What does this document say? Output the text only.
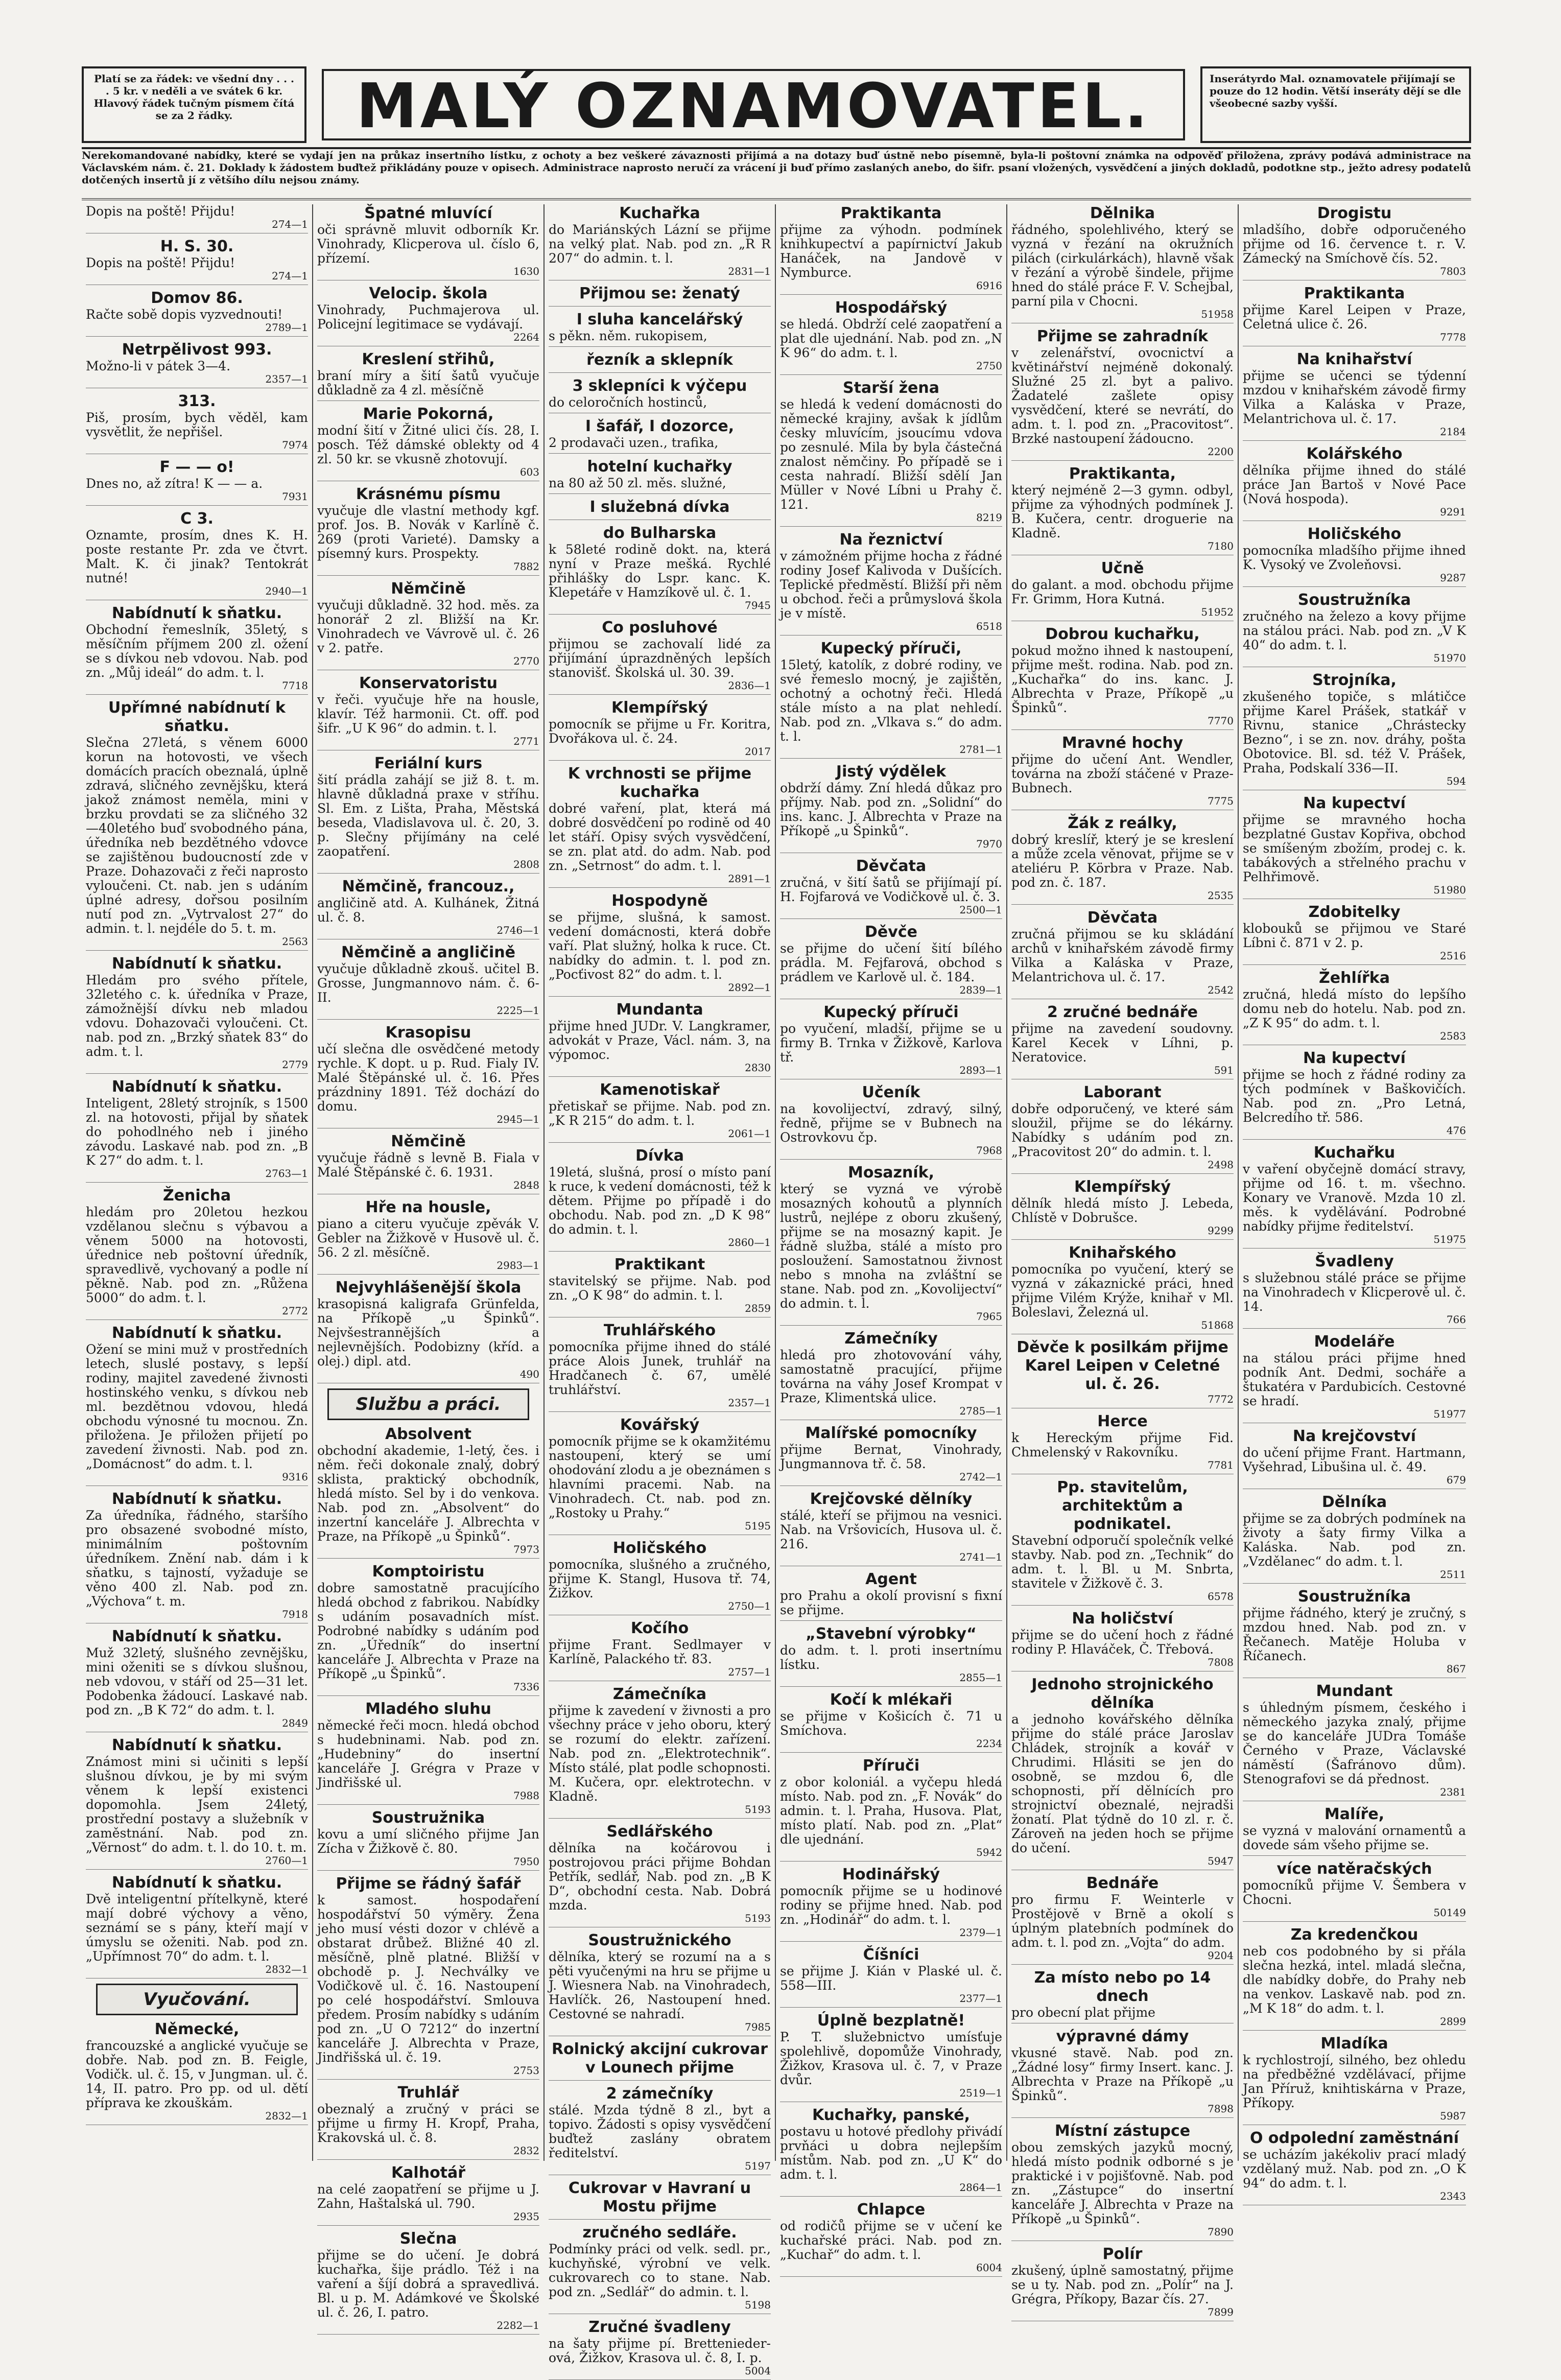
Platí se za řádek: ve všední dny . . . . 5 kr. v neděli a ve svátek 6 kr. Hlavový řádek tučným písmem čítá se za 2 řádky.	MALÝ OZNAMOVATEL.	Inserátyrdo Mal. oznamovatele přijímají se pouze do 12 hodin. Větší inseráty dějí se dle všeobecné sazby vyšší.
Nerekomandované nabídky, které se vydají jen na průkaz insertního lístku, z ochoty a bez veškeré závaznosti přijímá a na dotazy buď ústně nebo písemně, byla-li poštovní známka na odpověď přiložena, zprávy podává administrace na Václavském nám. č. 21. Doklady k žádostem buďtež přikládány pouze v opisech. Administrace naprosto neručí za vrácení ji buď přímo zaslaných anebo, do šifr. psaní vložených, vysvědčení a jiných dokladů, podotkne stp., ježto adresy podatelů dotčených insertů jí z většího dílu nejsou známy.
Dopis na poště! Přijdu!
274—1
H. S. 30.
Dopis na poště! Přijdu!
274—1
Domov 86.
Račte sobě dopis vyzvednouti!
2789—1
Netrpělivost 993.
Možno-li v pátek 3—4.
2357—1
313.
Piš, prosím, bych věděl, kam vysvětlit, že nepřišel.
7974
F — — o!
Dnes no, až zítra! K — — a.
7931
C 3.
Oznamte, prosím, dnes K. H. poste restante Pr. zda ve čtvrt. Malt. K. či jinak? Tentokrát nutné!
2940—1
Nabídnutí k sňatku.
Obchodní řemeslník, 35letý, s měsíčním příjmem 200 zl. ožení se s dívkou neb vdovou. Nab. pod zn. „Můj ideál“ do adm. t. l.
7718
Upřímné nabídnutí k sňatku.
Slečna 27letá, s věnem 6000 korun na hotovosti, ve všech domácích pracích obeznalá, úplně zdravá, sličného zevnějšku, která jakož známost neměla, mini v brzku provdati se za sličného 32—40letého buď svobodného pána, úředníka neb bezdětného vdovce se zajištěnou budoucností zde v Praze. Dohazovači z řeči naprosto vyloučeni. Ct. nab. jen s udáním úplné adresy, dořsou posilním nutí pod zn. „Vytrvalost 27“ do admin. t. l. nejdéle do 5. t. m.
2563
Nabídnutí k sňatku.
Hledám pro svého přítele, 32letého c. k. úředníka v Praze, zámožnější dívku neb mladou vdovu. Dohazovači vyloučeni. Ct. nab. pod zn. „Brzký sňatek 83“ do adm. t. l.
2779
Nabídnutí k sňatku.
Inteligent, 28letý strojník, s 1500 zl. na hotovosti, přijal by sňatek do pohodlného neb i jiného závodu. Laskavé nab. pod zn. „B K 27“ do adm. t. l.
2763—1
Ženicha
hledám pro 20letou hezkou vzdělanou slečnu s výbavou a věnem 5000 na hotovosti, úřednice neb poštovní úředník, spravedlivě, vychovaný a podle ní pěkně. Nab. pod zn. „Růžena 5000“ do adm. t. l.
2772
Nabídnutí k sňatku.
Ožení se mini muž v prostředních letech, sluslé postavy, s lepší rodiny, majitel zavedené živnosti hostinského venku, s dívkou neb ml. bezdětnou vdovou, hledá obchodu výnosné tu mocnou. Zn. přiložena. Je přiložen přijetí po zavedení živnosti. Nab. pod zn. „Domácnost“ do adm. t. l.
9316
Nabídnutí k sňatku.
Za úředníka, řádného, staršího pro obsazené svobodné místo, minimálním poštovním úředníkem. Znění nab. dám i k sňatku, s tajností, vyžaduje se věno 400 zl. Nab. pod zn. „Výchova“ t. m.
7918
Nabídnutí k sňatku.
Muž 32letý, slušného zevnějšku, mini oženiti se s dívkou slušnou, neb vdovou, v stáří od 25—31 let. Podobenka žádoucí. Laskavé nab. pod zn. „B K 72“ do adm. t. l.
2849
Nabídnutí k sňatku.
Známost mini si učiniti s lepší slušnou dívkou, je by mi svým věnem k lepší existenci dopomohla. Jsem 24letý, prostřední postavy a služebník v zaměstnání. Nab. pod zn. „Věrnost“ do adm. t. l. do 10. t. m.
2760—1
Nabídnutí k sňatku.
Dvě inteligentní přítelkyně, které mají dobré výchovy a věno, seznámí se s pány, kteří mají v úmyslu se oženiti. Nab. pod zn. „Upřímnost 70“ do adm. t. l.
2832—1
Vyučování.
Německé,
francouzské a anglické vyučuje se dobře. Nab. pod zn. B. Feigle, Vodičk. ul. č. 15, v Jungman. ul. č. 14, II. patro. Pro pp. od ul. dětí příprava ke zkouškám.
2832—1
Špatné mluvící
oči správně mluvit odborník Kr. Vinohrady, Klicperova ul. číslo 6, přízemí.
1630
Velocip. škola
Vinohrady, Puchmajerova ul. Policejní legitimace se vydávají.
2264
Kreslení střihů,
braní míry a šití šatů vyučuje důkladně za 4 zl. měsíčně
Marie Pokorná,
modní šití v Žitné ulici čís. 28, I. posch. Též dámské oblekty od 4 zl. 50 kr. se vkusně zhotovují.
603
Krásnému písmu
vyučuje dle vlastní methody kgf. prof. Jos. B. Novák v Karlíně č. 269 (proti Varieté). Damsky a písemný kurs. Prospekty.
7882
Němčině
vyučuji důkladně. 32 hod. měs. za honorář 2 zl. Bližší na Kr. Vinohradech ve Vávrově ul. č. 26 v 2. patře.
2770
Konservatoristu
v řeči. vyučuje hře na housle, klavír. Též harmonii. Ct. off. pod šifr. „U K 96“ do admin. t. l.
2771
Feriální kurs
šití prádla zahájí se již 8. t. m. hlavně důkladná praxe v stříhu. Sl. Em. z Lišta, Praha, Městská beseda, Vladislavova ul. č. 20, 3. p. Slečny přijímány na celé zaopatření.
2808
Němčině, francouz.,
angličině atd. A. Kulhánek, Žitná ul. č. 8.
2746—1
Němčině a angličině
vyučuje důkladně zkouš. učitel B. Grosse, Jungmannovo nám. č. 6-II.
2225—1
Krasopisu
učí slečna dle osvědčené metody rychle. K dopt. u p. Rud. Fialy IV. Malé Štěpánské ul. č. 16. Přes prázdniny 1891. Též dochází do domu.
2945—1
Němčině
vyučuje řádně s levně B. Fiala v Malé Štěpánské č. 6. 1931.
2848
Hře na housle,
piano a citeru vyučuje zpěvák V. Gebler na Žižkově v Husově ul. č. 56. 2 zl. měsíčně.
2983—1
Nejvyhlášenější škola
krasopisná kaligrafa Grünfelda, na Příkopě „u Špinků“. Nejvšestrannějších a nejlevnějších. Podobizny (kříd. a olej.) dipl. atd.
490
Službu a práci.
Absolvent
obchodní akademie, 1-letý, čes. i něm. řeči dokonale znalý, dobrý sklista, praktický obchodník, hledá místo. Sel by i do venkova. Nab. pod zn. „Absolvent“ do inzertní kanceláře J. Albrechta v Praze, na Příkopě „u Špinků“.
7973
Komptoiristu
dobre samostatně pracujícího hledá obchod z fabrikou. Nabídky s udáním posavadních míst. Podrobné nabídky s udáním pod zn. „Úředník“ do insertní kanceláře J. Albrechta v Praze na Příkopě „u Špinků“.
7336
Mladého sluhu
německé řeči mocn. hledá obchod s hudebninami. Nab. pod zn. „Hudebniny“ do insertní kanceláře J. Grégra v Praze v Jindřišské ul.
7988
Soustružnika
kovu a umí sličného přijme Jan Zícha v Žižkově č. 80.
7950
Přijme se řádný šafář
k samost. hospodaření hospodářství 50 výměry. Žena jeho musí vésti dozor v chlévě a obstarat drůbež. Bližné 40 zl. měsíčně, plně platné. Bližší v obchodě p. J. Nechválky ve Vodičkově ul. č. 16. Nastoupení po celé hospodářství. Smlouva předem. Prosím nabídky s udáním pod zn. „U O 7212“ do inzertní kanceláře J. Albrechta v Praze, Jindřišská ul. č. 19.
2753
Truhlář
obeznalý a zručný v práci se přijme u firmy H. Kropf, Praha, Krakovská ul. č. 8.
2832
Kalhotář
na celé zaopatření se přijme u J. Zahn, Haštalská ul. 790.
2935
Slečna
přijme se do učení. Je dobrá kuchařka, šije prádlo. Též i na vaření a šíjí dobrá a spravedlivá. Bl. u p. M. Adámkové ve Školské ul. č. 26, I. patro.
2282—1
Kuchařka
do Mariánských Lázní se přijme na velký plat. Nab. pod zn. „R R 207“ do admin. t. l.
2831—1
Přijmou se: ženatý
I sluha kancelářský
s pěkn. něm. rukopisem,
řezník a sklepník
3 sklepníci k výčepu
do celoročních hostinců,
I šafář, I dozorce,
2 prodavači uzen., trafika,
hotelní kuchařky
na 80 až 50 zl. měs. služné,
I služebná dívka
do Bulharska
k 58leté rodině dokt. na, která nyní v Praze mešká. Rychlé přihlášky do Lspr. kanc. K. Klepetáře v Hamzíkově ul. č. 1.
7945
Co posluhové
přijmou se zachovalí lidé za přijímání úprazdněných lepších stanovišť. Školská ul. 30. 39.
2836—1
Klempířský
pomocník se přijme u Fr. Koritra, Dvořákova ul. č. 24.
2017
K vrchnosti se přijme kuchařka
dobré vaření, plat, která má dobré dosvědčení po rodině od 40 let stáří. Opisy svých vysvědčení, se zn. plat atd. do adm. Nab. pod zn. „Setrnost“ do adm. t. l.
2891—1
Hospodyně
se přijme, slušná, k samost. vedení domácnosti, která dobře vaří. Plat služný, holka k ruce. Ct. nabídky do admin. t. l. pod zn. „Pocťivost 82“ do adm. t. l.
2892—1
Mundanta
přijme hned JUDr. V. Langkramer, advokát v Praze, Václ. nám. 3, na výpomoc.
2830
Kamenotiskař
přetiskař se přijme. Nab. pod zn. „K R 215“ do adm. t. l.
2061—1
Dívka
19letá, slušná, prosí o místo paní k ruce, k vedení domácnosti, též k dětem. Přijme po případě i do obchodu. Nab. pod zn. „D K 98“ do admin. t. l.
2860—1
Praktikant
stavitelský se přijme. Nab. pod zn. „O K 98“ do admin. t. l.
2859
Truhlářského
pomocníka přijme ihned do stálé práce Alois Junek, truhlář na Hradčanech č. 67, umělé truhlářství.
2357—1
Kovářský
pomocník přijme se k okamžitému nastoupení, který se umí ohodování zlodu a je obeznámen s hlavními pracemi. Nab. na Vinohradech. Ct. nab. pod zn. „Rostoky u Prahy.“
5195
Holičského
pomocníka, slušného a zručného, přijme K. Stangl, Husova tř. 74, Žižkov.
2750—1
Kočího
přijme Frant. Sedlmayer v Karlíně, Palackého tř. 83.
2757—1
Zámečníka
přijme k zavedení v živnosti a pro všechny práce v jeho oboru, který se rozumí do elektr. zařízení. Nab. pod zn. „Elektrotechnik“. Místo stálé, plat podle schopnosti. M. Kučera, opr. elektrotechn. v Kladně.
5193
Sedlářského
dělníka na kočárovou i postrojovou práci přijme Bohdan Petřík, sedlář, Nab. pod zn. „B K D“, obchodní cesta. Nab. Dobrá mzda.
5193
Soustružnického
dělníka, který se rozumí na a s pěti vyučenými na hru se přijme u J. Wiesnera Nab. na Vinohradech, Havlíčk. 26, Nastoupení hned. Cestovné se nahradí.
7985
Rolnický akcijní cukrovar v Lounech přijme
2 zámečníky
stálé. Mzda týdně 8 zl., byt a topivo. Žádosti s opisy vysvědčení buďtež zaslány obratem ředitelství.
5197
Cukrovar v Havraní u Mostu přijme
zručného sedláře.
Podmínky práci od velk. sedl. pr., kuchyňské, výrobní ve velk. cukrovarech co to stane. Nab. pod zn. „Sedlář“ do admin. t. l.
5198
Zručné švadleny
na šaty přijme pí. Brettenieder-ová, Žižkov, Krasova ul. č. 8, I. p.
5004
Praktikanta
přijme za výhodn. podmínek knihkupectví a papírnictví Jakub Hanáček, na Jandově v Nymburce.
6916
Hospodářský
se hledá. Obdrží celé zaopatření a plat dle ujednání. Nab. pod zn. „N K 96“ do adm. t. l.
2750
Starší žena
se hledá k vedení domácnosti do německé krajiny, avšak k jídlům česky mluvícím, jsoucímu vdova po zesnulé. Mila by byla částečná znalost němčiny. Po případě se i cesta nahradí. Bližší sdělí Jan Müller v Nové Líbni u Prahy č. 121.
8219
Na řeznictví
v zámožném přijme hocha z řádné rodiny Josef Kalivoda v Dušících. Teplické předměstí. Bližší při něm u obchod. řeči a průmyslová škola je v místě.
6518
Kupecký příruči,
15letý, katolík, z dobré rodiny, ve své řemeslo mocný, je zajištěn, ochotný a ochotný řeči. Hledá stále místo a na plat nehledí. Nab. pod zn. „Vlkava s.“ do adm. t. l.
2781—1
Jistý výdělek
obdrží dámy. Zní hledá důkaz pro příjmy. Nab. pod zn. „Solidní“ do ins. kanc. J. Albrechta v Praze na Příkopě „u Špinků“.
7970
Děvčata
zručná, v šití šatů se přijímají pí. H. Fojfarová ve Vodičkově ul. č. 3.
2500—1
Děvče
se přijme do učení šití bílého prádla. M. Fejfarová, obchod s prádlem ve Karlově ul. č. 184.
2839—1
Kupecký příruči
po vyučení, mladší, přijme se u firmy B. Trnka v Žižkově, Karlova tř.
2893—1
Učeník
na kovolijectví, zdravý, silný, ředně, přijme se v Bubnech na Ostrovkovu čp.
7968
Mosazník,
který se vyzná ve výrobě mosazných kohoutů a plynních lustrů, nejlépe z oboru zkušený, přijme se na mosazný kapit. Je řádně služba, stálé a místo pro posloužení. Samostatnou živnost nebo s mnoha na zvláštní se stane. Nab. pod zn. „Kovolijectví“ do admin. t. l.
7965
Zámečníky
hledá pro zhotovování váhy, samostatně pracující, přijme továrna na váhy Josef Krompat v Praze, Klimentská ulice.
2785—1
Malířské pomocníky
přijme Bernat, Vinohrady, Jungmannova tř. č. 58.
2742—1
Krejčovské dělníky
stálé, kteří se přijmou na vesnici. Nab. na Vršovicích, Husova ul. č. 216.
2741—1
Agent
pro Prahu a okolí provisní s fixní se přijme.
„Stavební výrobky“
do adm. t. l. proti insertnímu lístku.
2855—1
Kočí k mlékaři
se přijme v Košicích č. 71 u Smíchova.
2234
Příruči
z obor koloniál. a vyčepu hledá místo. Nab. pod zn. „F. Novák“ do admin. t. l. Praha, Husova. Plat, místo platí. Nab. pod zn. „Plat“ dle ujednání.
5942
Hodinářský
pomocník přijme se u hodinové rodiny se přijme hned. Nab. pod zn. „Hodinář“ do adm. t. l.
2379—1
Číšníci
se přijme J. Kián v Plaské ul. č. 558—III.
2377—1
Úplně bezplatně!
P. T. služebnictvo umísťuje spolehlivě, dopomůže Vinohrady, Žižkov, Krasova ul. č. 7, v Praze dvůr.
2519—1
Kuchařky, panské,
postavu u hotové předlohy přivádí prvňáci u dobra nejlepším místům. Nab. pod zn. „U K“ do adm. t. l.
2864—1
Chlapce
od rodičů přijme se v učení ke kuchařské práci. Nab. pod zn. „Kuchař“ do adm. t. l.
6004
Dělnika
řádného, spolehlivého, který se vyzná v řezání na okružních pilách (cirkulárkách), hlavně však v řezání a výrobě šindele, přijme hned do stálé práce F. V. Schejbal, parní pila v Chocni.
51958
Přijme se zahradník
v zelenářství, ovocnictví a květinářství nejméně dokonalý. Služné 25 zl. byt a palivo. Žadatelé zašlete opisy vysvědčení, které se nevrátí, do adm. t. l. pod zn. „Pracovitost“. Brzké nastoupení žádoucno.
2200
Praktikanta,
který nejméně 2—3 gymn. odbyl, přijme za výhodných podmínek J. B. Kučera, centr. droguerie na Kladně.
7180
Učně
do galant. a mod. obchodu přijme Fr. Grimm, Hora Kutná.
51952
Dobrou kuchařku,
pokud možno ihned k nastoupení, přijme mešt. rodina. Nab. pod zn. „Kuchařka“ do ins. kanc. J. Albrechta v Praze, Příkopě „u Špinků“.
7770
Mravné hochy
přijme do učení Ant. Wendler, továrna na zboží stáčené v Praze-Bubnech.
7775
Žák z reálky,
dobrý kreslíř, který je se kreslení a může zcela věnovat, přijme se v ateliéru P. Körbra v Praze. Nab. pod zn. č. 187.
2535
Děvčata
zručná přijmou se ku skládání archů v knihařském závodě firmy Vilka a Kaláska v Praze, Melantrichova ul. č. 17.
2542
2 zručné bednáře
přijme na zavedení soudovny. Karel Kecek v Líhni, p. Neratovice.
591
Laborant
dobře odporučený, ve které sám sloužil, přijme se do lékárny. Nabídky s udáním pod zn. „Pracovitost 20“ do admin. t. l.
2498
Klempířský
dělník hledá místo J. Lebeda, Chlístě v Dobrušce.
9299
Knihařského
pomocníka po vyučení, který se vyzná v zákaznické práci, hned přijme Vilém Krýže, knihař v Ml. Boleslavi, Železná ul.
51868
Děvče k posilkám přijme Karel Leipen v Celetné ul. č. 26.
7772
Herce
k Hereckým přijme Fid. Chmelenský v Rakovníku.
7781
Pp. stavitelům, architektům a podnikatel.
Stavební odporučí společník velké stavby. Nab. pod zn. „Technik“ do adm. t. l. Bl. u M. Snbrta, stavitele v Žižkově č. 3.
6578
Na holičství
přijme se do učení hoch z řádné rodiny P. Hlaváček, Č. Třebová.
7808
Jednoho strojnického dělníka
a jednoho kovářského dělníka přijme do stálé práce Jaroslav Chládek, strojník a kovář v Chrudimi. Hlásiti se jen do osobně, se mzdou 6, dle schopnosti, pří dělnících pro strojnictví obeznalé, nejradši žonatí. Plat týdně do 10 zl. r. č. Zároveň na jeden hoch se přijme do učení.
5947
Bednáře
pro firmu F. Weinterle v Prostějově v Brně a okolí s úplným platebních podmínek do adm. t. l. pod zn. „Vojta“ do adm.
9204
Za místo nebo po 14 dnech
pro obecní plat přijme
výpravné dámy
vkusné stavě. Nab. pod zn. „Žádné losy“ firmy Insert. kanc. J. Albrechta v Praze na Příkopě „u Špinků“.
7898
Místní zástupce
obou zemských jazyků mocný, hledá místo podnik odborné s je praktické i v pojišťovně. Nab. pod zn. „Zástupce“ do insertní kanceláře J. Albrechta v Praze na Příkopě „u Špinků“.
7890
Polír
zkušený, úplně samostatný, přijme se u ty. Nab. pod zn. „Polír“ na J. Grégra, Příkopy, Bazar čís. 27.
7899
Drogistu
mladšího, dobře odporučeného přijme od 16. července t. r. V. Zámecký na Smíchově čís. 52.
7803
Praktikanta
přijme Karel Leipen v Praze, Celetná ulice č. 26.
7778
Na knihařství
přijme se učenci se týdenní mzdou v knihařském závodě firmy Vilka a Kaláska v Praze, Melantrichova ul. č. 17.
2184
Kolářského
dělníka přijme ihned do stálé práce Jan Bartoš v Nové Pace (Nová hospoda).
9291
Holičského
pomocníka mladšího přijme ihned K. Vysoký ve Zvoleňovsi.
9287
Soustružníka
zručného na železo a kovy přijme na stálou práci. Nab. pod zn. „V K 40“ do adm. t. l.
51970
Strojníka,
zkušeného topiče, s mlátičce přijme Karel Prášek, statkář v Rivnu, stanice „Chrástecky Bezno“, i se zn. nov. dráhy, pošta Obotovice. Bl. sd. též V. Prášek, Praha, Podskalí 336—II.
594
Na kupectví
přijme se mravného hocha bezplatné Gustav Kopřiva, obchod se smíšeným zbožím, prodej c. k. tabákových a střelného prachu v Pelhřimově.
51980
Zdobitelky
klobouků se přijmou ve Staré Líbni č. 871 v 2. p.
2516
Žehlířka
zručná, hledá místo do lepšího domu neb do hotelu. Nab. pod zn. „Z K 95“ do adm. t. l.
2583
Na kupectví
přijme se hoch z řádné rodiny za tých podmínek v Baškovičích. Nab. pod zn. „Pro Letná, Belcredího tř. 586.
476
Kuchařku
v vaření obyčejně domácí stravy, přijme od 16. t. m. všechno. Konary ve Vranově. Mzda 10 zl. měs. k vydělávání. Podrobné nabídky přijme ředitelství.
51975
Švadleny
s služebnou stálé práce se přijme na Vinohradech v Klicperově ul. č. 14.
766
Modeláře
na stálou práci přijme hned podník Ant. Dedmi, socháře a štukatéra v Pardubicích. Cestovné se hradí.
51977
Na krejčovství
do učení přijme Frant. Hartmann, Vyšehrad, Libušina ul. č. 49.
679
Dělníka
přijme se za dobrých podmínek na životy a šaty firmy Vilka a Kaláska. Nab. pod zn. „Vzdělanec“ do adm. t. l.
2511
Soustružníka
přijme řádného, který je zručný, s mzdou hned. Nab. pod zn. v Řečanech. Matěje Holuba v Říčanech.
867
Mundant
s úhledným písmem, českého i německého jazyka znalý, přijme se do kanceláře JUDra Tomáše Černého v Praze, Václavské náměstí (Šafránovo dům). Stenografovi se dá přednost.
2381
Malíře,
se vyzná v malování ornamentů a dovede sám všeho přijme se.
více natěračských
pomocníků přijme V. Šembera v Chocni.
50149
Za kredenčkou
neb cos podobného by si přála slečna hezká, intel. mladá slečna, dle nabídky dobře, do Prahy neb na venkov. Laskavě nab. pod zn. „M K 18“ do adm. t. l.
2899
Mladíka
k rychlostrojí, silného, bez ohledu na předběžné vzdělávací, přijme Jan Příruž, knihtiskárna v Praze, Příkopy.
5987
O odpolední zaměstnání
se ucházím jakékoliv prací mladý vzdělaný muž. Nab. pod zn. „O K 94“ do adm. t. l.
2343
